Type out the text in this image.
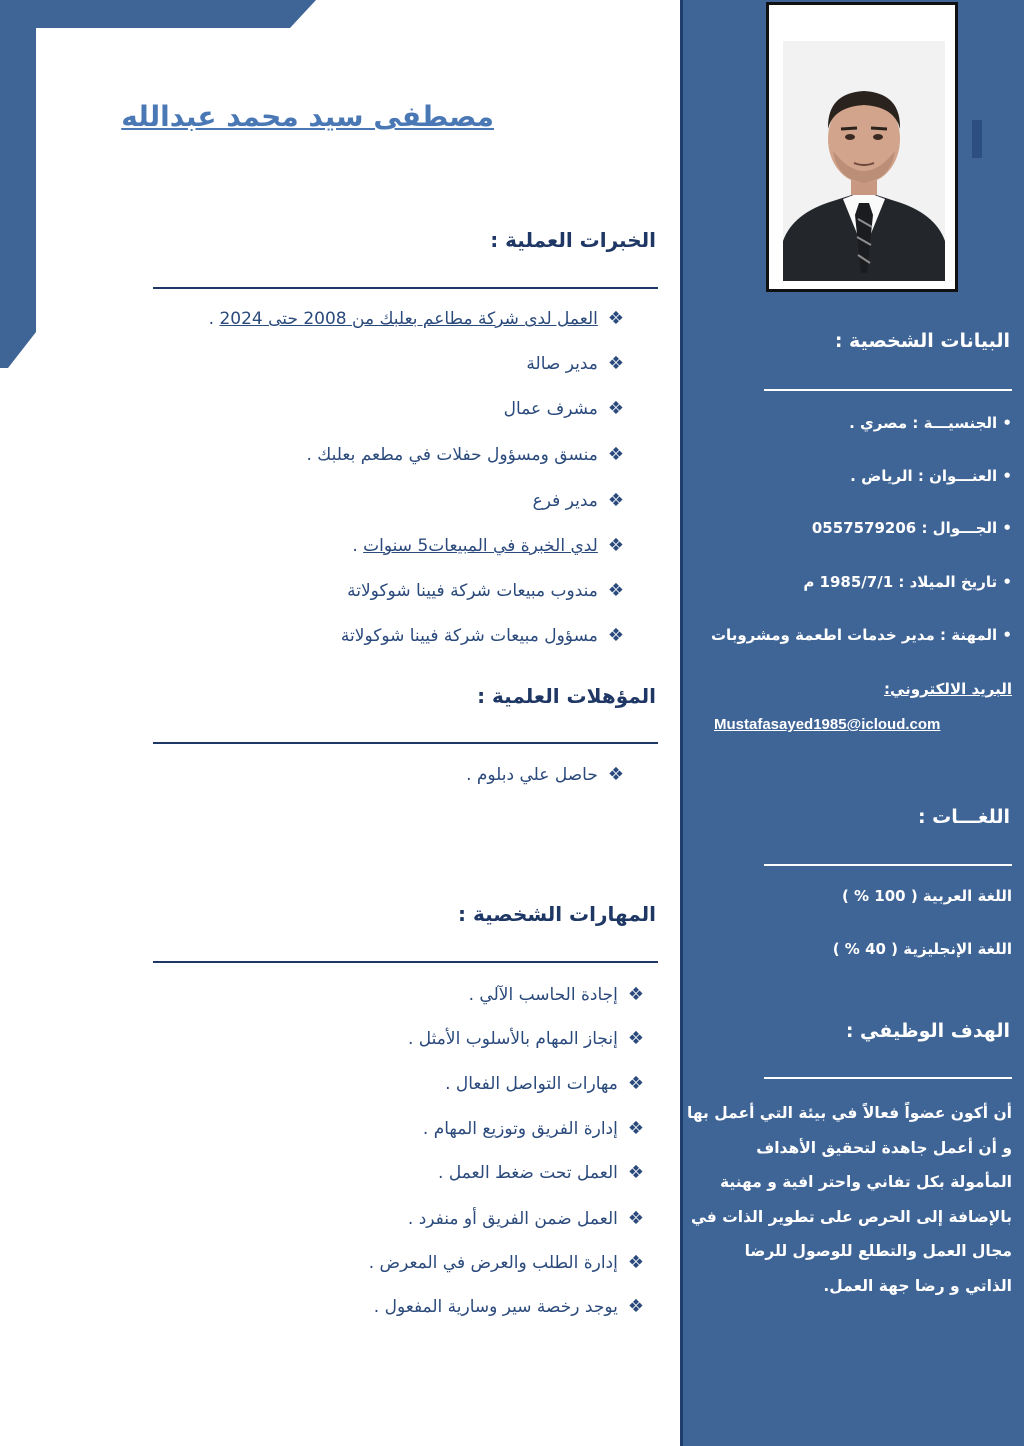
مصطفى سيد محمد عبدالله
الخبرات العملية :
❖العمل لدى شركة مطاعم بعلبك من 2008 حتى 2024 .
❖مدير صالة
❖مشرف عمال
❖منسق ومسؤول حفلات في مطعم بعلبك .
❖مدير فرع
❖لدي الخبرة في المبيعات5 سنوات .
❖مندوب مبيعات شركة فيينا شوكولاتة
❖مسؤول مبيعات شركة فيينا شوكولاتة
المؤهلات العلمية :
❖حاصل علي دبلوم .
المهارات الشخصية :
❖إجادة الحاسب الآلي .
❖إنجاز المهام بالأسلوب الأمثل .
❖مهارات التواصل الفعال .
❖إدارة الفريق وتوزيع المهام .
❖العمل تحت ضغط العمل .
❖العمل ضمن الفريق أو منفرد .
❖إدارة الطلب والعرض في المعرض .
❖يوجد رخصة سير وسارية المفعول .
البيانات الشخصية :
• الجنسيـــة : مصري .
• العنـــوان : الرياض .
• الجـــوال : 0557579206
• تاريخ الميلاد : 1985/7/1 م
• المهنة : مدير خدمات اطعمة ومشروبات
البريد الالكتروني:
Mustafasayed1985@icloud.com
اللغـــات :
اللغة العربية ( 100 % )
اللغة الإنجليزية ( 40 % )
الهدف الوظيفي :
أن أكون عضواً فعالاً في بيئة التي أعمل بها
و أن أعمل جاهدة لتحقيق الأهداف
المأمولة بكل تفاني واحتر افية و مهنية
بالإضافة إلى الحرص على تطوير الذات في
مجال العمل والتطلع للوصول للرضا
الذاتي و رضا جهة العمل.
